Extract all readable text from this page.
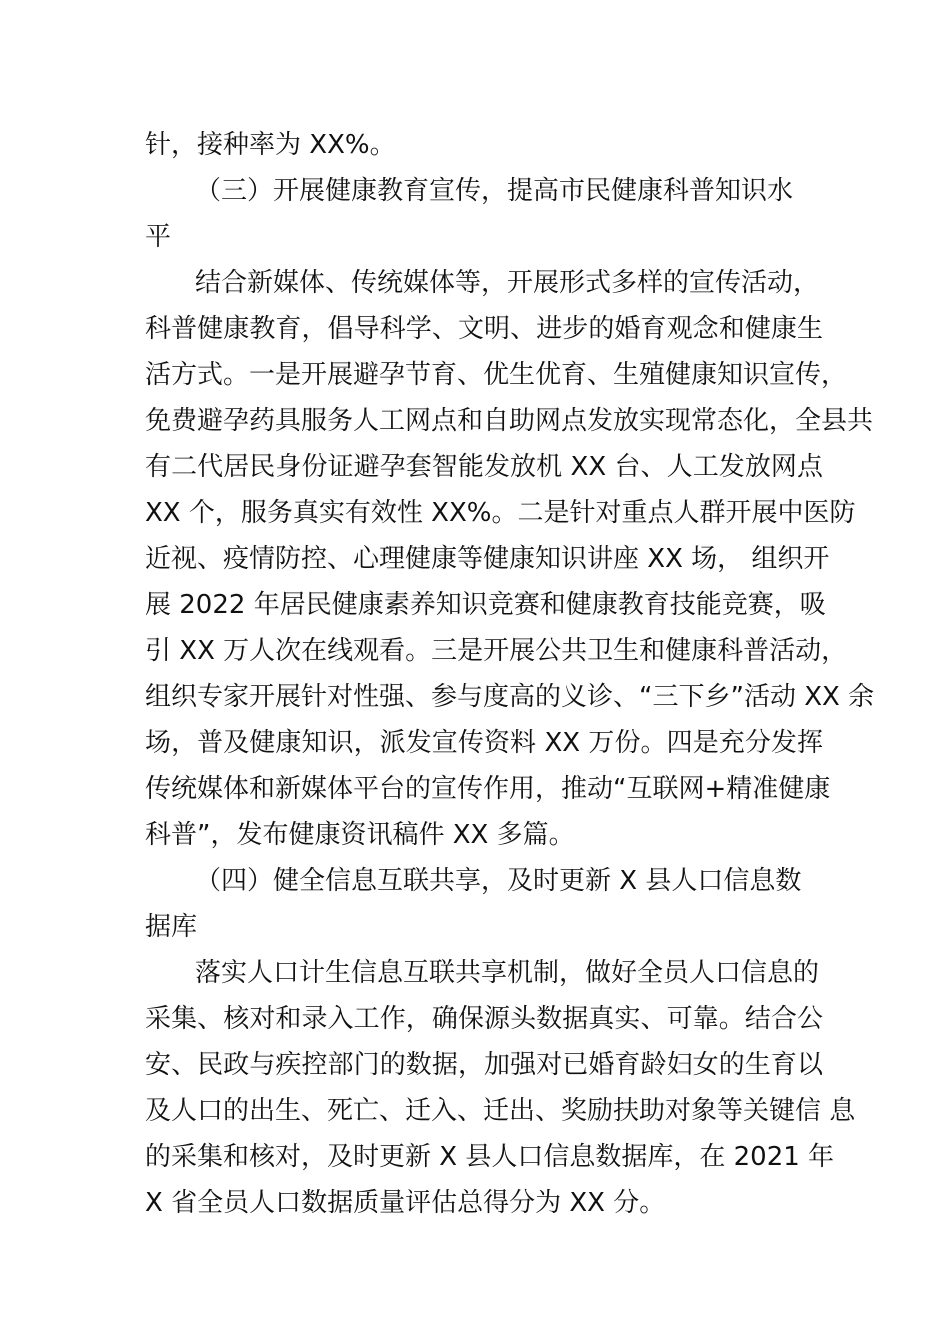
针，接种率为 XX%。
（三）开展健康教育宣传，提高市民健康科普知识水
平
结合新媒体、传统媒体等，开展形式多样的宣传活动，
科普健康教育，倡导科学、文明、进步的婚育观念和健康生
活方式。一是开展避孕节育、优生优育、生殖健康知识宣传，
免费避孕药具服务人工网点和自助网点发放实现常态化，全县共
有二代居民身份证避孕套智能发放机 XX 台、人工发放网点
XX 个，服务真实有效性 XX%。二是针对重点人群开展中医防
近视、疫情防控、心理健康等健康知识讲座 XX 场， 组织开
展 2022 年居民健康素养知识竞赛和健康教育技能竞赛，吸
引 XX 万人次在线观看。三是开展公共卫生和健康科普活动，
组织专家开展针对性强、参与度高的义诊、“三下乡”活动 XX 余
场，普及健康知识，派发宣传资料 XX 万份。四是充分发挥
传统媒体和新媒体平台的宣传作用，推动“互联网+精准健康
科普”，发布健康资讯稿件 XX 多篇。
（四）健全信息互联共享，及时更新 X 县人口信息数
据库
落实人口计生信息互联共享机制，做好全员人口信息的
采集、核对和录入工作，确保源头数据真实、可靠。结合公
安、民政与疾控部门的数据，加强对已婚育龄妇女的生育以
及人口的出生、死亡、迁入、迁出、奖励扶助对象等关键信 息
的采集和核对，及时更新 X 县人口信息数据库，在 2021 年
X 省全员人口数据质量评估总得分为 XX 分。
